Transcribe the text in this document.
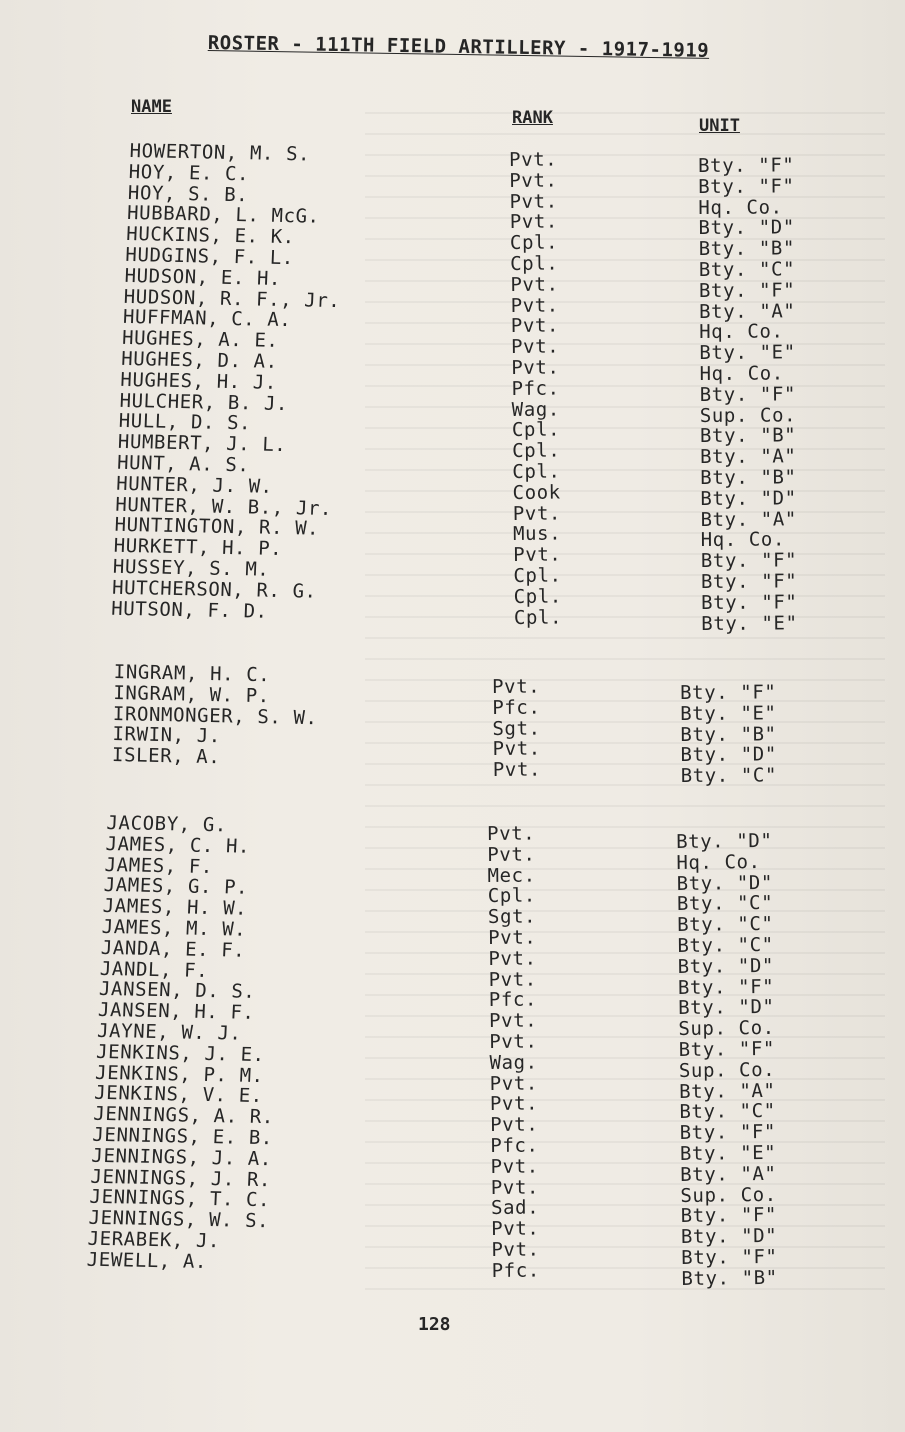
ROSTER - 111TH FIELD ARTILLERY - 1917-1919
NAME
RANK	UNIT
HOWERTON, M. S.
HOY, E. C.
HOY, S. B.
HUBBARD, L. McG.
HUCKINS, E. K.
HUDGINS, F. L.
HUDSON, E. H.
HUDSON, R. F., Jr.
HUFFMAN, C. A.
HUGHES, A. E.
HUGHES, D. A.
HUGHES, H. J.
HULCHER, B. J.
HULL, D. S.
HUMBERT, J. L.
HUNT, A. S.
HUNTER, J. W.
HUNTER, W. B., Jr.
HUNTINGTON, R. W.
HURKETT, H. P.
HUSSEY, S. M.
HUTCHERSON, R. G.
HUTSON, F. D.
Pvt.
Pvt.
Pvt.
Pvt.
Cpl.
Cpl.
Pvt.
Pvt.
Pvt.
Pvt.
Pvt.
Pfc.
Wag.
Cpl.
Cpl.
Cpl.
Cook
Pvt.
Mus.
Pvt.
Cpl.
Cpl.
Cpl.
Bty. "F"
Bty. "F"
Hq. Co.
Bty. "D"
Bty. "B"
Bty. "C"
Bty. "F"
Bty. "A"
Hq. Co.
Bty. "E"
Hq. Co.
Bty. "F"
Sup. Co.
Bty. "B"
Bty. "A"
Bty. "B"
Bty. "D"
Bty. "A"
Hq. Co.
Bty. "F"
Bty. "F"
Bty. "F"
Bty. "E"
INGRAM, H. C.
INGRAM, W. P.
IRONMONGER, S. W.
IRWIN, J.
ISLER, A.
Pvt.
Pfc.
Sgt.
Pvt.
Pvt.
Bty. "F"
Bty. "E"
Bty. "B"
Bty. "D"
Bty. "C"
JACOBY, G.
JAMES, C. H.
JAMES, F.
JAMES, G. P.
JAMES, H. W.
JAMES, M. W.
JANDA, E. F.
JANDL, F.
JANSEN, D. S.
JANSEN, H. F.
JAYNE, W. J.
JENKINS, J. E.
JENKINS, P. M.
JENKINS, V. E.
JENNINGS, A. R.
JENNINGS, E. B.
JENNINGS, J. A.
JENNINGS, J. R.
JENNINGS, T. C.
JENNINGS, W. S.
JERABEK, J.
JEWELL, A.
Pvt.
Pvt.
Mec.
Cpl.
Sgt.
Pvt.
Pvt.
Pvt.
Pfc.
Pvt.
Pvt.
Wag.
Pvt.
Pvt.
Pvt.
Pfc.
Pvt.
Pvt.
Sad.
Pvt.
Pvt.
Pfc.
Bty. "D"
Hq. Co.
Bty. "D"
Bty. "C"
Bty. "C"
Bty. "C"
Bty. "D"
Bty. "F"
Bty. "D"
Sup. Co.
Bty. "F"
Sup. Co.
Bty. "A"
Bty. "C"
Bty. "F"
Bty. "E"
Bty. "A"
Sup. Co.
Bty. "F"
Bty. "D"
Bty. "F"
Bty. "B"
128
